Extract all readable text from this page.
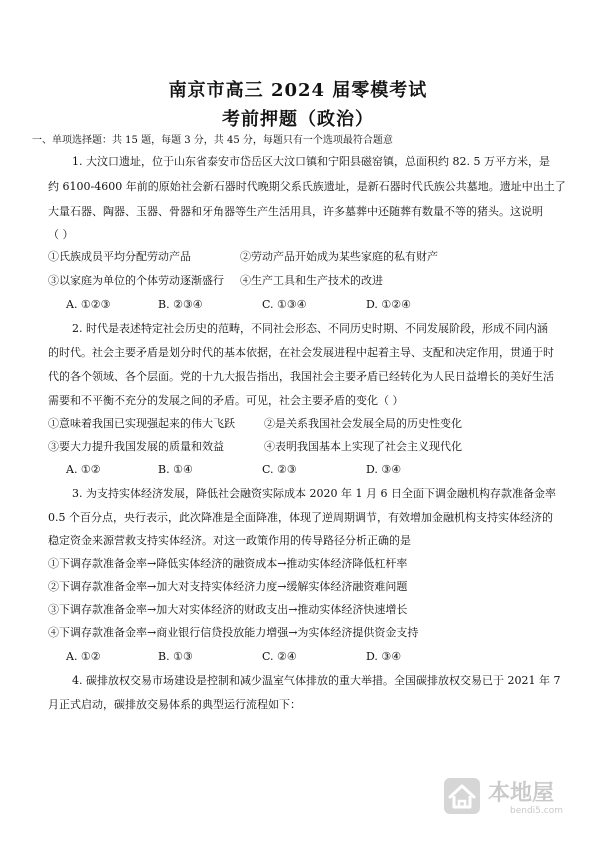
南京市高三 2024 届零模考试
考前押题（政治）
一、单项选择题：共 15 题，每题 3 分，共 45 分，每题只有一个选项最符合题意
1. 大汶口遗址，位于山东省泰安市岱岳区大汶口镇和宁阳县磁窑镇，总面积约 82. 5 万平方米，是
约 6100-4600 年前的原始社会新石器时代晚期父系氏族遗址，是新石器时代氏族公共墓地。遗址中出土了
大量石器、陶器、玉器、骨器和牙角器等生产生活用具，许多墓葬中还随葬有数量不等的猪头。这说明
（ ）
①氏族成员平均分配劳动产品	②劳动产品开始成为某些家庭的私有财产
③以家庭为单位的个体劳动逐渐盛行 ④生产工具和生产技术的改进
A. ①②③	B. ②③④	C. ①③④	D. ①②④
2. 时代是表述特定社会历史的范畴，不同社会形态、不同历史时期、不同发展阶段，形成不同内涵
的时代。社会主要矛盾是划分时代的基本依据，在社会发展进程中起着主导、支配和决定作用，贯通于时
代的各个领域、各个层面。党的十九大报告指出，我国社会主要矛盾已经转化为人民日益增长的美好生活
需要和不平衡不充分的发展之间的矛盾。可见，社会主要矛盾的变化（ ）
①意味着我国已实现强起来的伟大飞跃	②是关系我国社会发展全局的历史性变化
③要大力提升我国发展的质量和效益	④表明我国基本上实现了社会主义现代化
A. ①②	B. ①④	C. ②③	D. ③④
3. 为支持实体经济发展，降低社会融资实际成本 2020 年 1 月 6 日全面下调金融机构存款准备金率
0.5 个百分点，央行表示，此次降准是全面降准，体现了逆周期调节，有效增加金融机构支持实体经济的
稳定资金来源营救支持实体经济。对这一政策作用的传导路径分析正确的是
①下调存款准备金率→降低实体经济的融资成本→推动实体经济降低杠杆率
②下调存款准备金率→加大对支持实体经济力度→缓解实体经济融资难问题
③下调存款准备金率→加大对实体经济的财政支出→推动实体经济快速增长
④下调存款准备金率→商业银行信贷投放能力增强→为实体经济提供资金支持
A. ①②	B. ①③	C. ②④	D. ③④
4. 碳排放权交易市场建设是控制和减少温室气体排放的重大举措。全国碳排放权交易已于 2021 年 7
月正式启动，碳排放交易体系的典型运行流程如下：
本地屋
bendi5.com
